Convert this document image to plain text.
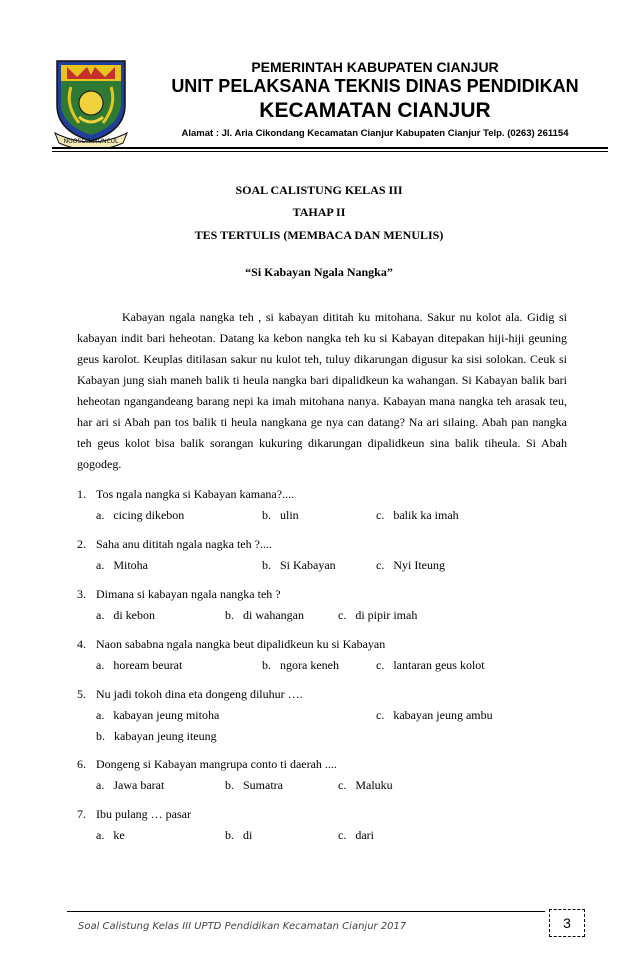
NGOSOH MUNCUL
PEMERINTAH KABUPATEN CIANJUR
UNIT PELAKSANA TEKNIS DINAS PENDIDIKAN
KECAMATAN CIANJUR
Alamat : Jl. Aria Cikondang Kecamatan Cianjur Kabupaten Cianjur Telp. (0263) 261154
SOAL CALISTUNG KELAS III
TAHAP II
TES TERTULIS (MEMBACA DAN MENULIS)
“Si Kabayan Ngala Nangka”

Kabayan ngala nangka teh , si kabayan dititah ku mitohana. Sakur nu kolot ala. Gidig si kabayan indit bari heheotan. Datang ka kebon nangka teh ku si Kabayan ditepakan hiji-hiji geuning geus karolot. Keuplas ditilasan sakur nu kulot teh, tuluy dikarungan digusur ka sisi solokan. Ceuk si Kabayan jung siah maneh balik ti heula nangka bari dipalidkeun ka wahangan. Si Kabayan balik bari heheotan ngangandeang barang nepi ka imah mitohana nanya. Kabayan mana nangka teh arasak teu, har ari si Abah pan tos balik ti heula nangkana ge nya can datang? Na ari silaing. Abah pan nangka teh geus kolot bisa balik sorangan kukuring dikarungan dipalidkeun sina balik tiheula. Si Abah gogodeg.

1. Tos ngala nangka si Kabayan kamana?....
a. cicing dikebon	b. ulin	c. balik ka imah
2. Saha anu dititah ngala nagka teh ?....
a. Mitoha	b. Si Kabayan	c. Nyi Iteung
3. Dimana si kabayan ngala nangka teh ?
a. di kebon	b. di wahangan	c. di pipir imah
4. Naon sababna ngala nangka beut dipalidkeun ku si Kabayan
a. hoream beurat	b. ngora keneh	c. lantaran geus kolot
5. Nu jadi tokoh dina eta dongeng diluhur ….
a. kabayan jeung mitoha	c. kabayan jeung ambu
b. kabayan jeung iteung
6. Dongeng si Kabayan mangrupa conto ti daerah ....
a. Jawa barat	b. Sumatra	c. Maluku
7. Ibu pulang … pasar
a. ke	b. di	c. dari
Soal Calistung Kelas III UPTD Pendidikan Kecamatan Cianjur 2017	3
